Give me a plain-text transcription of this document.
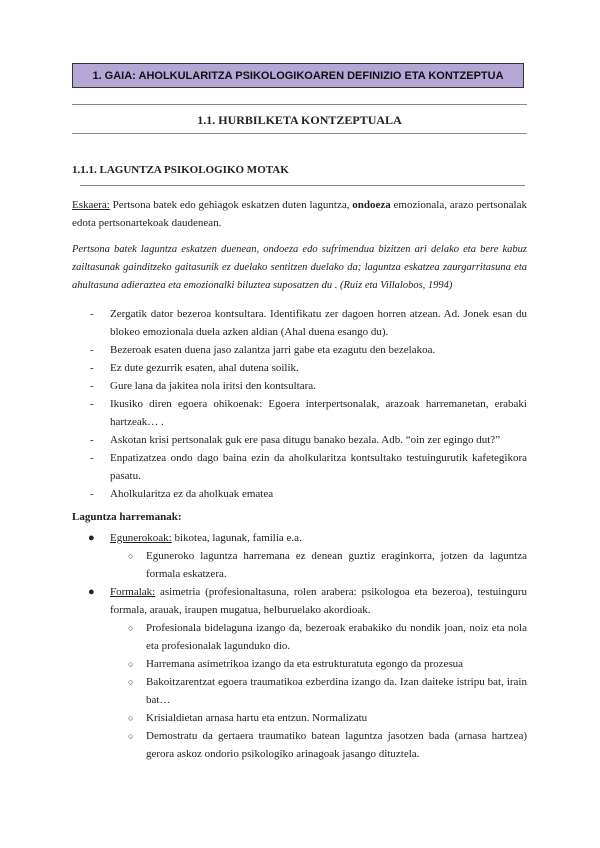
1. GAIA: AHOLKULARITZA PSIKOLOGIKOAREN DEFINIZIO ETA KONTZEPTUA
1.1. HURBILKETA KONTZEPTUALA
1.1.1. LAGUNTZA PSIKOLOGIKO MOTAK
Eskaera: Pertsona batek edo gehiagok eskatzen duten laguntza, ondoeza emozionala, arazo pertsonalak edota pertsonartekoak daudenean.
Pertsona batek laguntza eskatzen duenean, ondoeza edo sufrimendua bizitzen ari delako eta bere kabuz zailtasunak gainditzeko gaitasunik ez duelako sentitzen duelako da; laguntza eskatzea zaurgarritasuna eta ahultasuna adieraztea eta emozionalki biluztea suposatzen du . (Ruiz eta Villalobos, 1994)
- Zergatik dator bezeroa kontsultara. Identifikatu zer dagoen horren atzean. Ad. Jonek esan du blokeo emozionala duela azken aldian (Ahal duena esango du).
- Bezeroak esaten duena jaso zalantza jarri gabe eta ezagutu den bezelakoa.
- Ez dute gezurrik esaten, ahal dutena soilik.
- Gure lana da jakitea nola iritsi den kontsultara.
- Ikusiko diren egoera ohikoenak: Egoera interpertsonalak, arazoak harremanetan, erabaki hartzeak… .
- Askotan krisi pertsonalak guk ere pasa ditugu banako bezala. Adb. “oin zer egingo dut?”
- Enpatizatzea ondo dago baina ezin da aholkularitza kontsultako testuingurutik kafetegikora pasatu.
- Aholkularitza ez da aholkuak ematea
Laguntza harremanak:
● Egunerokoak: bikotea, lagunak, familia e.a.
○ Eguneroko laguntza harremana ez denean guztiz eraginkorra, jotzen da laguntza formala eskatzera.
● Formalak: asimetria (profesionaltasuna, rolen arabera: psikologoa eta bezeroa), testuinguru formala, arauak, iraupen mugatua, helburuelako akordioak.
○ Profesionala bidelaguna izango da, bezeroak erabakiko du nondik joan, noiz eta nola eta profesionalak lagunduko dio.
○ Harremana asimetrikoa izango da eta estrukturatuta egongo da prozesua
○ Bakoitzarentzat egoera traumatikoa ezberdina izango da. Izan daiteke istripu bat, irain bat…
○ Krisialdietan arnasa hartu eta entzun. Normalizatu
○ Demostratu da gertaera traumatiko batean laguntza jasotzen bada (arnasa hartzea) gerora askoz ondorio psikologiko arinagoak jasango dituztela.
